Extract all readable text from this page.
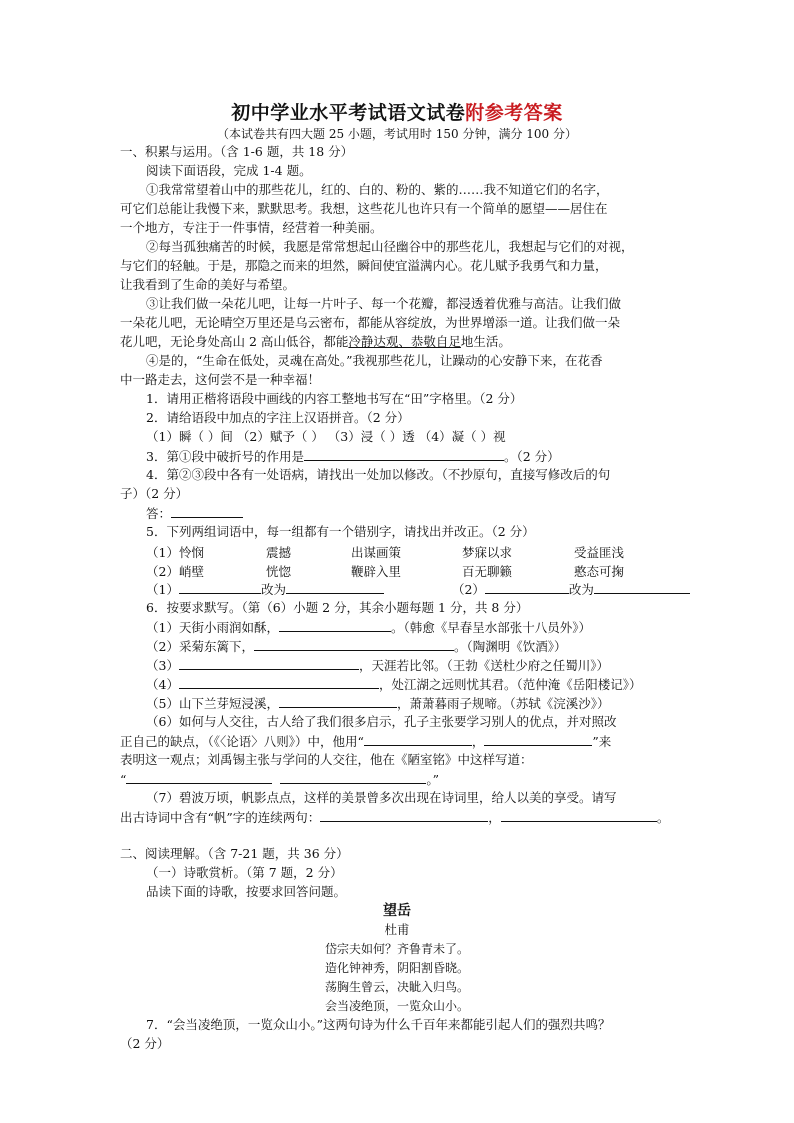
初中学业水平考试语文试卷附参考答案
（本试卷共有四大题 25 小题，考试用时 150 分钟，满分 100 分）
一、积累与运用。（含 1-6 题，共 18 分）
阅读下面语段，完成 1-4 题。
①我常常望着山中的那些花儿，红的、白的、粉的、紫的……我不知道它们的名字，
可它们总能让我慢下来，默默思考。我想，这些花儿也许只有一个简单的愿望——居住在
一个地方，专注于一件事情，经营着一种美丽。
②每当孤独痛苦的时候，我愿是常常想起山径幽谷中的那些花儿，我想起与它们的对视，
与它们的轻触。于是，那隐之而来的坦然，瞬间使宜溢满内心。花儿赋予我勇气和力量，
让我看到了生命的美好与希望。
③让我们做一朵花儿吧，让每一片叶子、每一个花瓣，都浸透着优雅与高洁。让我们做
一朵花儿吧，无论晴空万里还是乌云密布，都能从容绽放，为世界增添一道。让我们做一朵
花儿吧，无论身处高山 2 高山低谷，都能冷静达观、恭敬自足地生活。
④是的，“生命在低处，灵魂在高处。”我视那些花儿，让躁动的心安静下来，在花香
中一路走去，这何尝不是一种幸福！
1．请用正楷将语段中画线的内容工整地书写在“田”字格里。（2 分）
2．请给语段中加点的字注上汉语拼音。（2 分）
（1）瞬（ ）间 （2）赋予（ ） （3）浸（ ）透 （4）凝（ ）视
3．第①段中破折号的作用是	。（2 分）
4．第②③段中各有一处语病，请找出一处加以修改。（不抄原句，直接写修改后的句
子）（2 分）
答：
5．下列两组词语中，每一组都有一个错别字，请找出并改正。（2 分）
（1）怜悯	震撼	出谋画策	梦寐以求	受益匪浅
（2）峭壁	恍惚	鞭辟入里	百无聊籁	憨态可掬
（1）	改为	（2）	改为
6．按要求默写。（第（6）小题 2 分，其余小题每题 1 分，共 8 分）
（1）天街小雨润如酥，	。（韩愈《早春呈水部张十八员外》）
（2）采菊东篱下，	。（陶渊明《饮酒》）
（3）	，天涯若比邻。（王勃《送杜少府之任蜀川》）
（4）	，处江湖之远则忧其君。（范仲淹《岳阳楼记》）
（5）山下兰芽短浸溪，	，萧萧暮雨子规啼。（苏轼《浣溪沙》）
（6）如何与人交往，古人给了我们很多启示，孔子主张要学习别人的优点，并对照改
正自己的缺点，（《〈论语〉八则》）中，他用“	，	”来
表明这一观点；刘禹锡主张与学问的人交往，他在《陋室铭》中这样写道：
“	。”
（7）碧波万顷，帆影点点，这样的美景曾多次出现在诗词里，给人以美的享受。请写
出古诗词中含有“帆”字的连续两句：	，	。
二、阅读理解。（含 7-21 题，共 36 分）
（一）诗歌赏析。（第 7 题，2 分）
品读下面的诗歌，按要求回答问题。
望岳
杜甫
岱宗夫如何？齐鲁青未了。
造化钟神秀，阴阳割昏晓。
荡胸生曾云，决眦入归鸟。
会当凌绝顶，一览众山小。
7．“会当凌绝顶，一览众山小。”这两句诗为什么千百年来都能引起人们的强烈共鸣？
（2 分）
